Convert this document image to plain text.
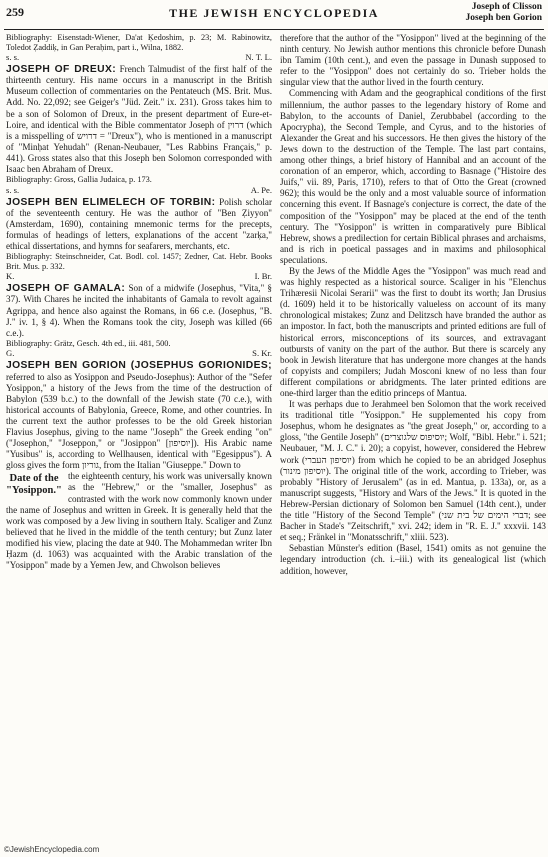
259	THE JEWISH ENCYCLOPEDIA	Joseph of Clisson
Joseph ben Gorion

Bibliography: Eisenstadt-Wiener, Da'at Ḳedoshim, p. 23; M. Rabinowitz, Toledot Ẓaddiḳ, in Gan Peraḥim, part i., Wilna, 1882.

s. s.	N. T. L.

JOSEPH OF DREUX: French Talmudist of the first half of the thirteenth century. His name occurs in a manuscript in the British Museum collection of commentaries on the Pentateuch (MS. Brit. Mus. Add. No. 22,092; see Geiger's "Jüd. Zeit." ix. 231). Gross takes him to be a son of Solomon of Dreux, in the present department of Eure-et-Loire, and identical with the Bible commentator Joseph of דרוין (which is a misspelling of דרויש = "Dreux"), who is mentioned in a manuscript of "Minḥat Yehudah" (Renan-Neubauer, "Les Rabbins Français," p. 441). Gross states also that this Joseph ben Solomon corresponded with Isaac ben Abraham of Dreux.

Bibliography: Gross, Gallia Judaica, p. 173.

s. s.	A. Pe.

JOSEPH BEN ELIMELECH OF TORBIN: Polish scholar of the seventeenth century. He was the author of "Ben Ẓiyyon" (Amsterdam, 1690), containing mnemonic terms for the precepts, formulas of headings of letters, explanations of the accent "zarḳa," ethical dissertations, and hymns for seafarers, merchants, etc.

Bibliography: Steinschneider, Cat. Bodl. col. 1457; Zedner, Cat. Hebr. Books Brit. Mus. p. 332.

K.	I. Br.

JOSEPH OF GAMALA: Son of a midwife (Josephus, "Vita," § 37). With Chares he incited the inhabitants of Gamala to revolt against Agrippa, and hence also against the Romans, in 66 c.e. (Josephus, "B. J." iv. 1, § 4). When the Romans took the city, Joseph was killed (66 c.e.).

Bibliography: Grätz, Gesch. 4th ed., iii. 481, 500.

G.	S. Kr.

JOSEPH BEN GORION (JOSEPHUS GORIONIDES; referred to also as Yosippon and Pseudo-Josephus): Author of the "Sefer Yosippon," a history of the Jews from the time of the destruction of Babylon (539 b.c.) to the downfall of the Jewish state (70 c.e.), with historical accounts of Babylonia, Greece, Rome, and other countries. In the current text the author professes to be the old Greek historian Flavius Josephus, giving to the name "Joseph" the Greek ending "on" ("Josephon," "Joseppon," or "Josippon" [יוסיפון]). His Arabic name "Yusibus" is, according to Wellhausen, identical with "Egesippus"). A gloss gives the form גוריון, from the Italian "Giuseppe." Down to

Date of the "Yosippon."
the eighteenth century, his work was universally known as the "Hebrew," or the "smaller, Josephus" as contrasted with the work now commonly known under the name of Josephus and written in Greek. It is generally held that the work was composed by a Jew living in southern Italy. Scaliger and Zunz believed that he lived in the middle of the tenth century; but Zunz later modified his view, placing the date at 940. The Mohammedan writer Ibn Ḥazm (d. 1063) was acquainted with the Arabic translation of the "Yosippon" made by a Yemen Jew, and Chwolson believes

therefore that the author of the "Yosippon" lived at the beginning of the ninth century. No Jewish author mentions this chronicle before Dunash ibn Tamim (10th cent.), and even the passage in Dunash supposed to refer to the "Yosippon" does not certainly do so. Trieber holds the singular view that the author lived in the fourth century.

Commencing with Adam and the geographical conditions of the first millennium, the author passes to the legendary history of Rome and Babylon, to the accounts of Daniel, Zerubbabel (according to the Apocrypha), the Second Temple, and Cyrus, and to the histories of Alexander the Great and his successors. He then gives the history of the Jews down to the destruction of the Temple. The last part contains, among other things, a brief history of Hannibal and an account of the coronation of an emperor, which, according to Basnage ("Histoire des Juifs," vii. 89, Paris, 1710), refers to that of Otto the Great (crowned 962); this would be the only and a most valuable source of information concerning this event. If Basnage's conjecture is correct, the date of the composition of the "Yosippon" may be placed at the end of the tenth century. The "Yosippon" is written in comparatively pure Biblical Hebrew, shows a predilection for certain Biblical phrases and archaisms, and is rich in poetical passages and in maxims and philosophical speculations.

By the Jews of the Middle Ages the "Yosippon" was much read and was highly respected as a historical source. Scaliger in his "Elenchus Trihæresii Nicolai Serarii" was the first to doubt its worth; Jan Drusius (d. 1609) held it to be historically valueless on account of its many chronological mistakes; Zunz and Delitzsch have branded the author as an impostor. In fact, both the manuscripts and printed editions are full of historical errors, misconceptions of its sources, and extravagant outbursts of vanity on the part of the author. But there is scarcely any book in Jewish literature that has undergone more changes at the hands of copyists and compilers; Judah Mosconi knew of no less than four different compilations or abridgments. The later printed editions are one-third larger than the editio princeps of Mantua.

It was perhaps due to Jerahmeel ben Solomon that the work received its traditional title "Yosippon." He supplemented his copy from Josephus, whom he designates as "the great Joseph," or, according to a gloss, "the Gentile Joseph" (יוסיפוס שלגוצרים; Wolf, "Bibl. Hebr." i. 521; Neubauer, "M. J. C." i. 20); a copyist, however, considered the Hebrew work (יוסיפון העברי) from which he copied to be an abridged Josephus (יוסיפון מינור). The original title of the work, according to Trieber, was probably "History of Jerusalem" (as in ed. Mantua, p. 133a), or, as a manuscript suggests, "History and Wars of the Jews." It is quoted in the Hebrew-Persian dictionary of Solomon ben Samuel (14th cent.), under the title "History of the Second Temple" (דברי הימים של בית שני; see Bacher in Stade's "Zeitschrift," xvi. 242; idem in "R. E. J." xxxvii. 143 et seq.; Fränkel in "Monatsschrift," xliii. 523).

Sebastian Münster's edition (Basel, 1541) omits as not genuine the legendary introduction (ch. i.–iii.) with its genealogical list (which addition, however,

©JewishEncyclopedia.com
